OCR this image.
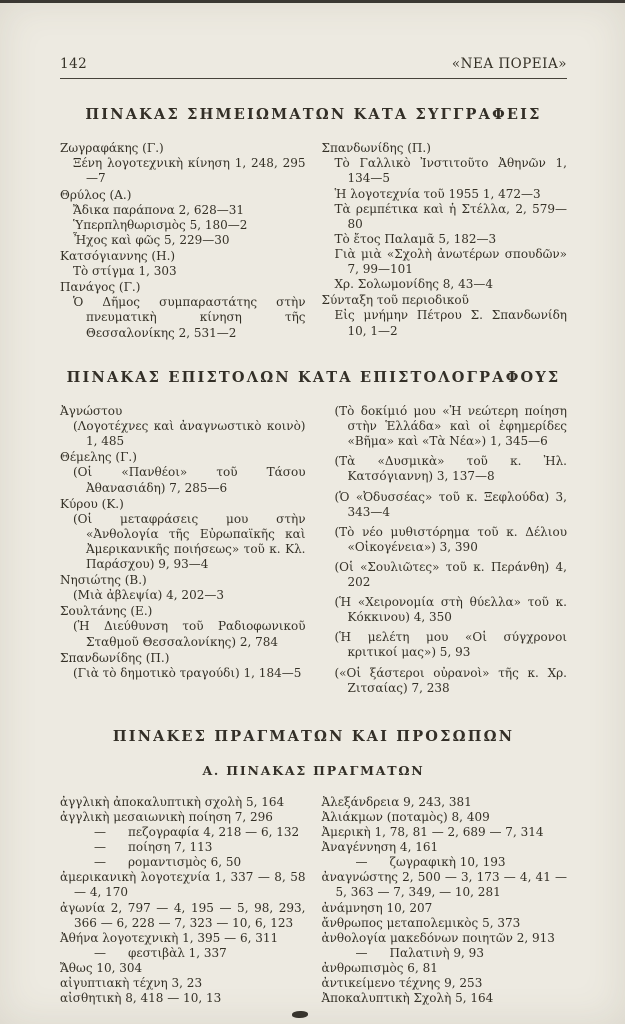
142	«ΝΕΑ ΠΟΡΕΙΑ»
ΠΙΝΑΚΑΣ ΣΗΜΕΙΩΜΑΤΩΝ ΚΑΤΑ ΣΥΓΓΡΑΦΕΙΣ
Ζωγραφάκης (Γ.)
Ξένη λογοτεχνικὴ κίνηση 1, 248, 295—7
Θρύλος (Α.)
Ἄδικα παράπονα 2, 628—31
Ὑπερπληθωρισμὸς 5, 180—2
Ἦχος καὶ φῶς 5, 229—30
Κατσόγιαννης (Η.)
Τὸ στίγμα 1, 303
Πανάγος (Γ.)
Ὁ Δῆμος συμπαραστάτης στὴν πνευματικὴ κίνηση τῆς Θεσσαλονίκης 2, 531—2
Σπανδωνίδης (Π.)
Τὸ Γαλλικὸ Ἰνστιτοῦτο Ἀθηνῶν 1, 134—5
Ἡ λογοτεχνία τοῦ 1955 1, 472—3
Τὰ ρεμπέτικα καὶ ἡ Στέλλα, 2, 579—80
Τὸ ἔτος Παλαμᾶ 5, 182—3
Γιὰ μιὰ «Σχολὴ ἀνωτέρων σπουδῶν» 7, 99—101
Χρ. Σολωμονίδης 8, 43—4
Σύνταξη τοῦ περιοδικοῦ
Εἰς μνήμην Πέτρου Σ. Σπανδωνίδη 10, 1—2
ΠΙΝΑΚΑΣ ΕΠΙΣΤΟΛΩΝ ΚΑΤΑ ΕΠΙΣΤΟΛΟΓΡΑΦΟΥΣ
Ἀγνώστου
(Λογοτέχνες καὶ ἀναγνωστικὸ κοινὸ) 1, 485
Θέμελης (Γ.)
(Οἱ «Πανθέοι» τοῦ Τάσου Ἀθανασιάδη) 7, 285—6
Κύρου (Κ.)
(Οἱ μεταφράσεις μου στὴν «Ἀνθολογία τῆς Εὐρωπαϊκῆς καὶ Ἀμερικανικῆς ποιήσεως» τοῦ κ. Κλ. Παράσχου) 9, 93—4
Νησιώτης (Β.)
(Μιὰ ἀβλεψία) 4, 202—3
Σουλτάνης (Ε.)
(Ἡ Διεύθυνση τοῦ Ραδιοφωνικοῦ Σταθμοῦ Θεσσαλονίκης) 2, 784
Σπανδωνίδης (Π.)
(Γιὰ τὸ δημοτικὸ τραγούδι) 1, 184—5
(Τὸ δοκίμιό μου «Ἡ νεώτερη ποίηση στὴν Ἑλλάδα» καὶ οἱ ἐφημερίδες «Βῆμα» καὶ «Τὰ Νέα») 1, 345—6
(Τὰ «Δυσμικὰ» τοῦ κ. Ἠλ. Κατσόγιαννη) 3, 137—8
(Ὁ «Ὀδυσσέας» τοῦ κ. Ξεφλούδα) 3, 343—4
(Τὸ νέο μυθιστόρημα τοῦ κ. Δέλιου «Οἰκογένεια») 3, 390
(Οἱ «Σουλιῶτες» τοῦ κ. Περάνθη) 4, 202
(Ἡ «Χειρονομία στὴ θύελλα» τοῦ κ. Κόκκινου) 4, 350
(Ἡ μελέτη μου «Οἱ σύγχρονοι κριτικοί μας») 5, 93
(«Οἱ ξάστεροι οὐρανοὶ» τῆς κ. Χρ. Ζιτσαίας) 7, 238
ΠΙΝΑΚΕΣ ΠΡΑΓΜΑΤΩΝ ΚΑΙ ΠΡΟΣΩΠΩΝ
Α. ΠΙΝΑΚΑΣ ΠΡΑΓΜΑΤΩΝ
ἀγγλικὴ ἀποκαλυπτικὴ σχολὴ 5, 164
ἀγγλικὴ μεσαιωνικὴ ποίηση 7, 296
— πεζογραφία 4, 218 — 6, 132
— ποίηση 7, 113
— ρομαντισμὸς 6, 50
ἀμερικανικὴ λογοτεχνία 1, 337 — 8, 58 — 4, 170
ἀγωνία 2, 797 — 4, 195 — 5, 98, 293, 366 — 6, 228 — 7, 323 — 10, 6, 123
Ἀθήνα λογοτεχνικὴ 1, 395 — 6, 311
— φεστιβὰλ 1, 337
Ἄθως 10, 304
αἰγυπτιακὴ τέχνη 3, 23
αἰσθητικὴ 8, 418 — 10, 13
Ἀλεξάνδρεια 9, 243, 381
Ἀλιάκμων (ποταμὸς) 8, 409
Ἀμερικὴ 1, 78, 81 — 2, 689 — 7, 314
Ἀναγέννηση 4, 161
— ζωγραφικὴ 10, 193
ἀναγνώστης 2, 500 — 3, 173 — 4, 41 — 5, 363 — 7, 349, — 10, 281
ἀνάμνηση 10, 207
ἄνθρωπος μεταπολεμικὸς 5, 373
ἀνθολογία μακεδόνων ποιητῶν 2, 913
— Παλατινὴ 9, 93
ἀνθρωπισμὸς 6, 81
ἀντικείμενο τέχνης 9, 253
Ἀποκαλυπτικὴ Σχολὴ 5, 164
